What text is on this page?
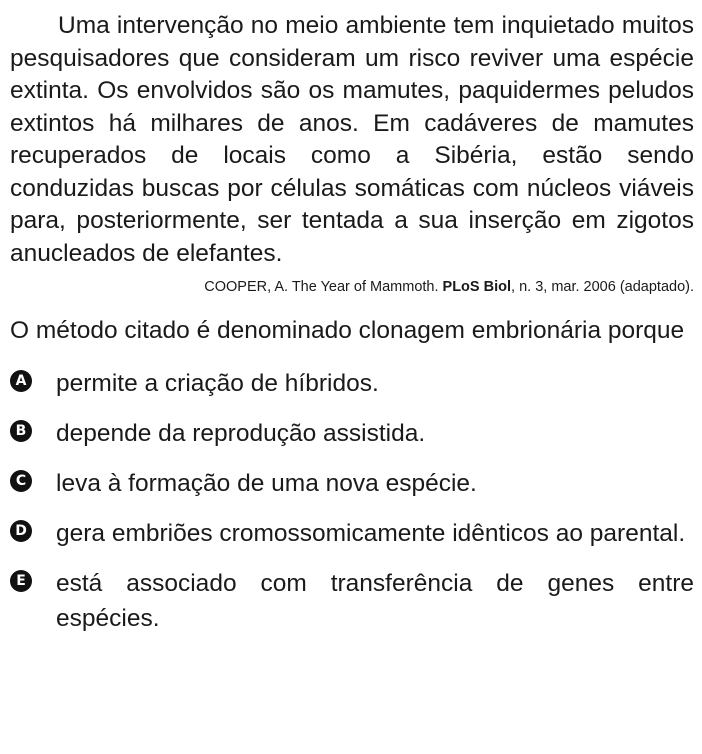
Uma intervenção no meio ambiente tem inquietado muitos pesquisadores que consideram um risco reviver uma espécie extinta. Os envolvidos são os mamutes, paquidermes peludos extintos há milhares de anos. Em cadáveres de mamutes recuperados de locais como a Sibéria, estão sendo conduzidas buscas por células somáticas com núcleos viáveis para, posteriormente, ser tentada a sua inserção em zigotos anucleados de elefantes.

COOPER, A. The Year of Mammoth. PLoS Biol, n. 3, mar. 2006 (adaptado).
O método citado é denominado clonagem embrionária porque
A permite a criação de híbridos.
B depende da reprodução assistida.
C leva à formação de uma nova espécie.
D gera embriões cromossomicamente idênticos ao parental.
E está associado com transferência de genes entre espécies.
